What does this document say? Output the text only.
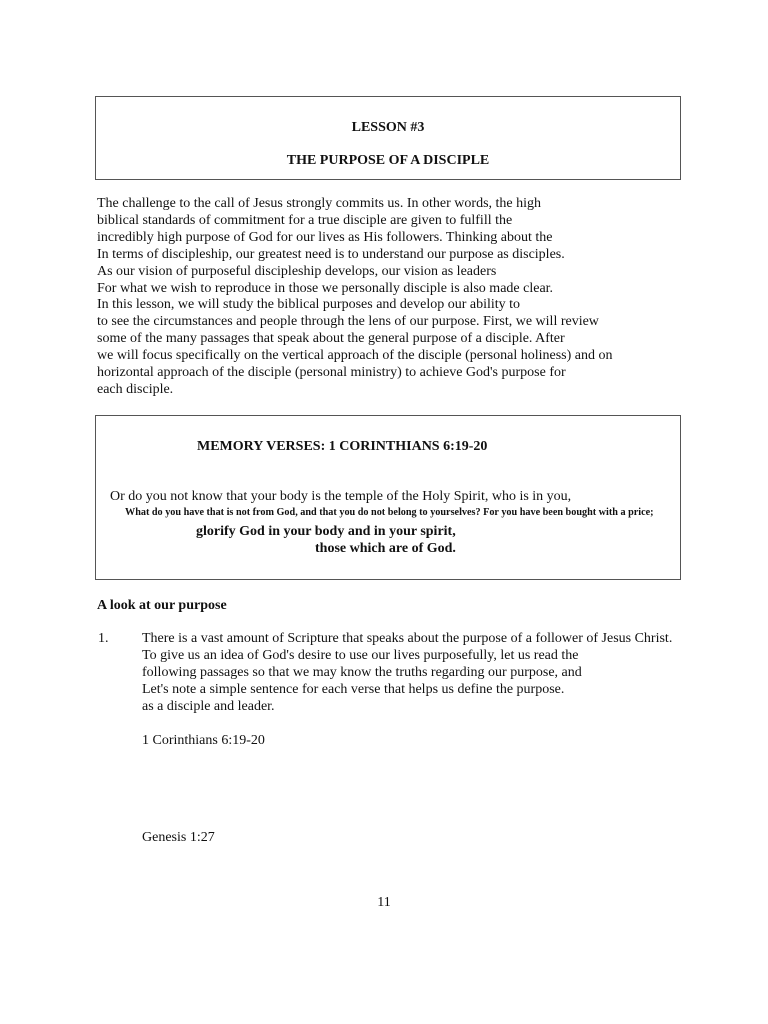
LESSON #3
THE PURPOSE OF A DISCIPLE
The challenge to the call of Jesus strongly commits us. In other words, the high
biblical standards of commitment for a true disciple are given to fulfill the
incredibly high purpose of God for our lives as His followers. Thinking about the
In terms of discipleship, our greatest need is to understand our purpose as disciples.
As our vision of purposeful discipleship develops, our vision as leaders
For what we wish to reproduce in those we personally disciple is also made clear.
In this lesson, we will study the biblical purposes and develop our ability to
to see the circumstances and people through the lens of our purpose. First, we will review
some of the many passages that speak about the general purpose of a disciple. After
we will focus specifically on the vertical approach of the disciple (personal holiness) and on
horizontal approach of the disciple (personal ministry) to achieve God's purpose for
each disciple.
MEMORY VERSES: 1 CORINTHIANS 6:19-20
Or do you not know that your body is the temple of the Holy Spirit, who is in you,
What do you have that is not from God, and that you do not belong to yourselves? For you have been bought with a price;
glorify God in your body and in your spirit,
those which are of God.
A look at our purpose
1. There is a vast amount of Scripture that speaks about the purpose of a follower of Jesus Christ.
To give us an idea of God's desire to use our lives purposefully, let us read the
following passages so that we may know the truths regarding our purpose, and
Let's note a simple sentence for each verse that helps us define the purpose.
as a disciple and leader.
1 Corinthians 6:19-20
Genesis 1:27
11
